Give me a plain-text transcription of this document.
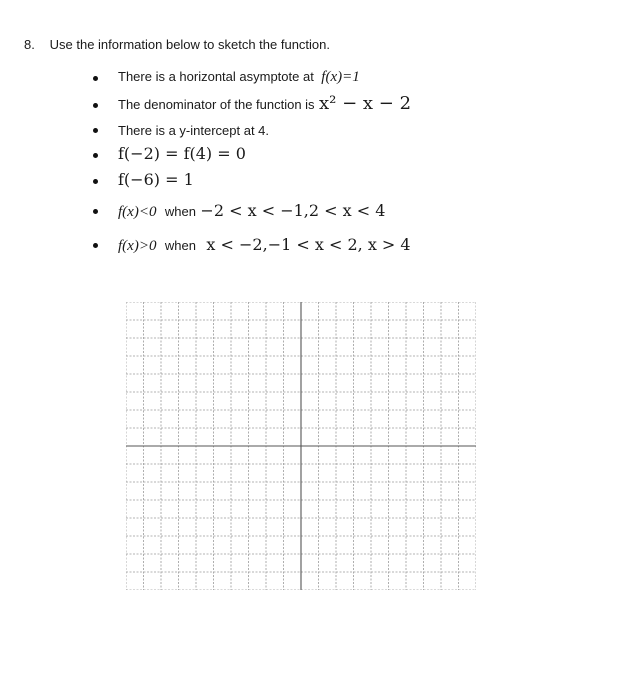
8. Use the information below to sketch the function.
There is a horizontal asymptote at f(x)=1
The denominator of the function is x² − x − 2
There is a y-intercept at 4.
f(−2) = f(4) = 0
f(−6) = 1
f(x)<0 when −2 < x < −1,2 < x < 4
f(x)>0 when x < −2,−1 < x < 2, x > 4
